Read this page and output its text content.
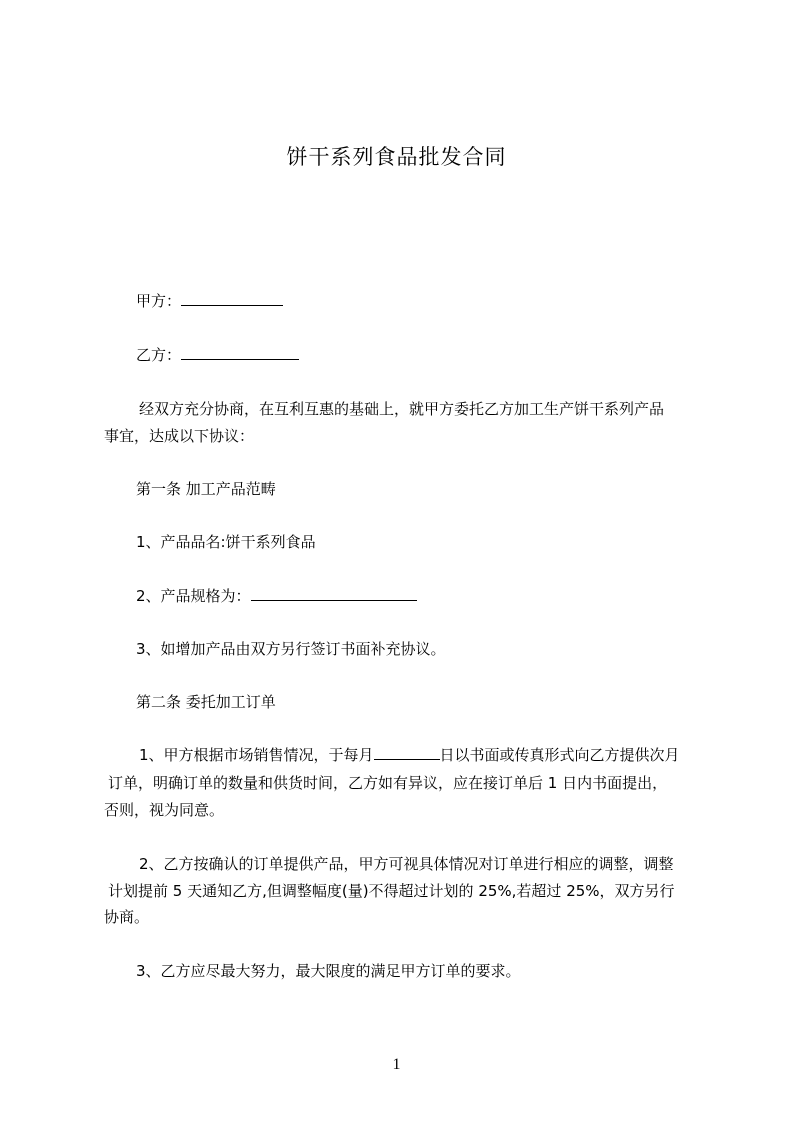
饼干系列食品批发合同
甲方：
乙方：
经双方充分协商，在互利互惠的基础上，就甲方委托乙方加工生产饼干系列产品
事宜，达成以下协议：
第一条 加工产品范畴
1、产品品名:饼干系列食品
2、产品规格为：
3、如增加产品由双方另行签订书面补充协议。
第二条 委托加工订单
1、甲方根据市场销售情况，于每月	日以书面或传真形式向乙方提供次月
订单，明确订单的数量和供货时间，乙方如有异议，应在接订单后 1 日内书面提出，
否则，视为同意。
2、乙方按确认的订单提供产品，甲方可视具体情况对订单进行相应的调整，调整
计划提前 5 天通知乙方,但调整幅度(量)不得超过计划的 25%,若超过 25%，双方另行
协商。
3、乙方应尽最大努力，最大限度的满足甲方订单的要求。
1
